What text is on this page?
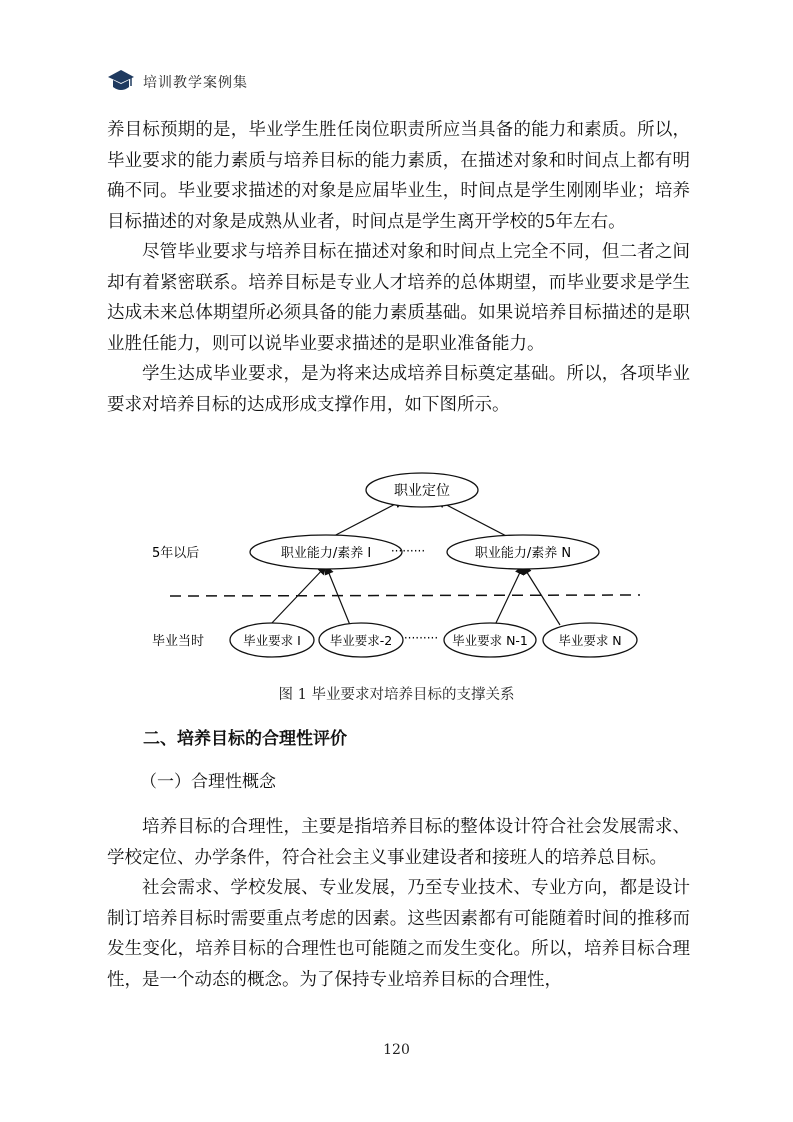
培训教学案例集

养目标预期的是，毕业学生胜任岗位职责所应当具备的能力和素质。所以，毕业要求的能力素质与培养目标的能力素质，在描述对象和时间点上都有明确不同。毕业要求描述的对象是应届毕业生，时间点是学生刚刚毕业；培养目标描述的对象是成熟从业者，时间点是学生离开学校的5年左右。

尽管毕业要求与培养目标在描述对象和时间点上完全不同，但二者之间却有着紧密联系。培养目标是专业人才培养的总体期望，而毕业要求是学生达成未来总体期望所必须具备的能力素质基础。如果说培养目标描述的是职业胜任能力，则可以说毕业要求描述的是职业准备能力。

学生达成毕业要求，是为将来达成培养目标奠定基础。所以，各项毕业要求对培养目标的达成形成支撑作用，如下图所示。

职业定位
职业能力/素养 I	职业能力/素养 N
·········
5年以后
毕业要求 I 毕业要求-2 ········· 毕业要求 N-1 毕业要求 N
毕业当时
图 1 毕业要求对培养目标的支撑关系
二、培养目标的合理性评价
（一）合理性概念

培养目标的合理性，主要是指培养目标的整体设计符合社会发展需求、学校定位、办学条件，符合社会主义事业建设者和接班人的培养总目标。

社会需求、学校发展、专业发展，乃至专业技术、专业方向，都是设计制订培养目标时需要重点考虑的因素。这些因素都有可能随着时间的推移而发生变化，培养目标的合理性也可能随之而发生变化。所以，培养目标合理性，是一个动态的概念。为了保持专业培养目标的合理性，

120
